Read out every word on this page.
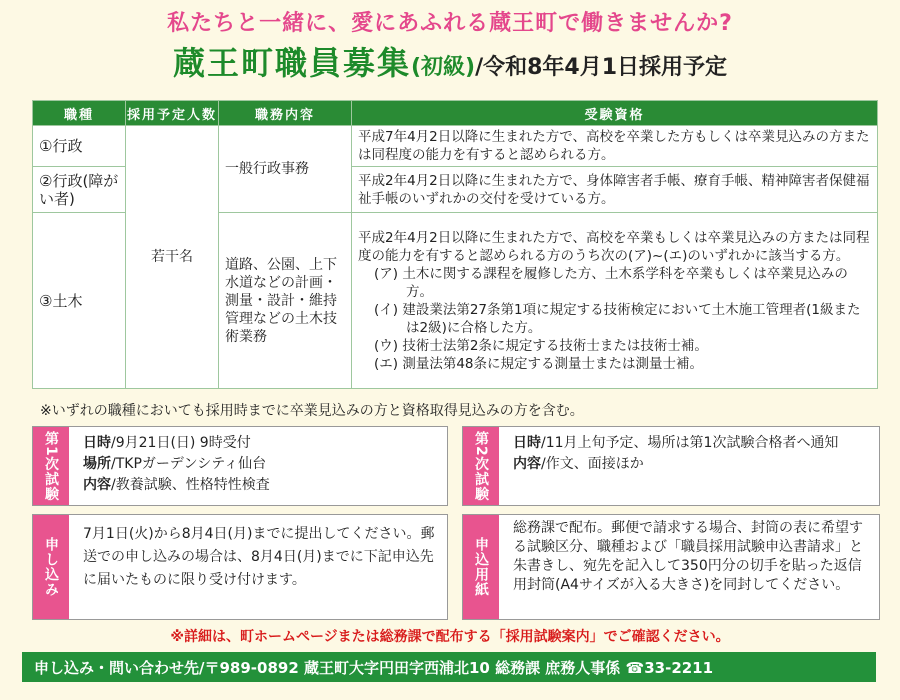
私たちと一緒に、愛にあふれる蔵王町で働きませんか?
蔵王町職員募集(初級)/令和8年4月1日採用予定
職種	採用予定人数	職務内容	受験資格
①行政	若干名	一般行政事務	平成7年4月2日以降に生まれた方で、高校を卒業した方もしくは卒業見込みの方または同程度の能力を有すると認められる方。
②行政(障がい者)			平成2年4月2日以降に生まれた方で、身体障害者手帳、療育手帳、精神障害者保健福祉手帳のいずれかの交付を受けている方。
③土木		道路、公園、上下水道などの計画・測量・設計・維持管理などの土木技術業務	平成2年4月2日以降に生まれた方で、高校を卒業もしくは卒業見込みの方または同程度の能力を有すると認められる方のうち次の(ア)~(エ)のいずれかに該当する方。
(ア) 土木に関する課程を履修した方、土木系学科を卒業もしくは卒業見込みの方。
(イ) 建設業法第27条第1項に規定する技術検定において土木施工管理者(1級または2級)に合格した方。
(ウ) 技術士法第2条に規定する技術士または技術士補。
(エ) 測量法第48条に規定する測量士または測量士補。
※いずれの職種においても採用時までに卒業見込みの方と資格取得見込みの方を含む。
第1次試験 日時/9月21日(日) 9時受付
場所/TKPガーデンシティ仙台
内容/教養試験、性格特性検査	第2次試験 日時/11月上旬予定、場所は第1次試験合格者へ通知
内容/作文、面接ほか
申し込み
7月1日(火)から8月4日(月)までに提出してください。郵送での申し込みの場合は、8月4日(月)までに下記申込先に届いたものに限り受け付けます。	申込用紙
総務課で配布。郵便で請求する場合、封筒の表に希望する試験区分、職種および「職員採用試験申込書請求」と朱書きし、宛先を記入して350円分の切手を貼った返信用封筒(A4サイズが入る大きさ)を同封してください。
※詳細は、町ホームページまたは総務課で配布する「採用試験案内」でご確認ください。
申し込み・問い合わせ先/〒989-0892 蔵王町大字円田字西浦北10 総務課 庶務人事係 ☎33-2211
